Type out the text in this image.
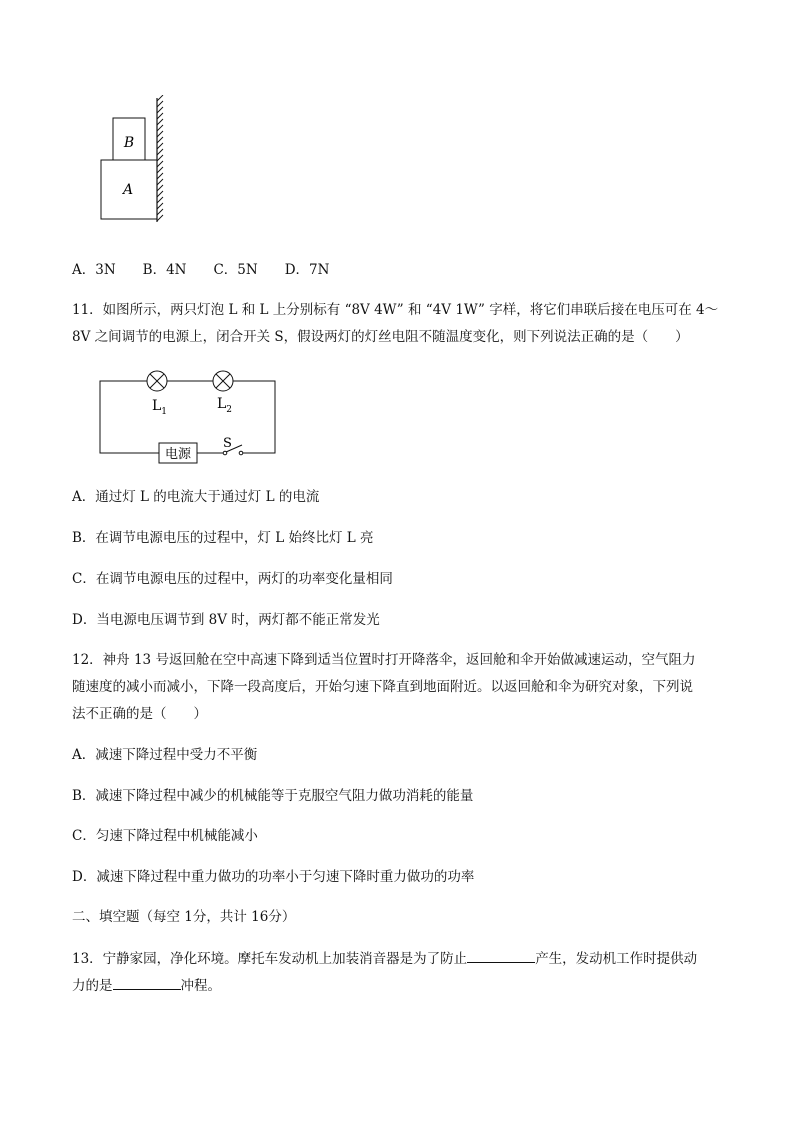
B
A
A．3N　　B．4N　　C．5N　　D．7N
11．如图所示，两只灯泡 L 和 L 上分别标有 “8V 4W” 和 “4V 1W” 字样，将它们串联后接在电压可在 4～
8V 之间调节的电源上，闭合开关 S，假设两灯的灯丝电阻不随温度变化，则下列说法正确的是（　　）
$L_1$	$L_2$
电源
S
A．通过灯 L 的电流大于通过灯 L 的电流
B．在调节电源电压的过程中，灯 L 始终比灯 L 亮
C．在调节电源电压的过程中，两灯的功率变化量相同
D．当电源电压调节到 8V 时，两灯都不能正常发光
12．神舟 13 号返回舱在空中高速下降到适当位置时打开降落伞，返回舱和伞开始做减速运动，空气阻力
随速度的减小而减小，下降一段高度后，开始匀速下降直到地面附近。以返回舱和伞为研究对象，下列说
法不正确的是（　　）
A．减速下降过程中受力不平衡
B．减速下降过程中减少的机械能等于克服空气阻力做功消耗的能量
C．匀速下降过程中机械能减小
D．减速下降过程中重力做功的功率小于匀速下降时重力做功的功率
二、填空题（每空 1分，共计 16分）
13．宁静家园，净化环境。摩托车发动机上加装消音器是为了防止	产生，发动机工作时提供动
力的是	冲程。
